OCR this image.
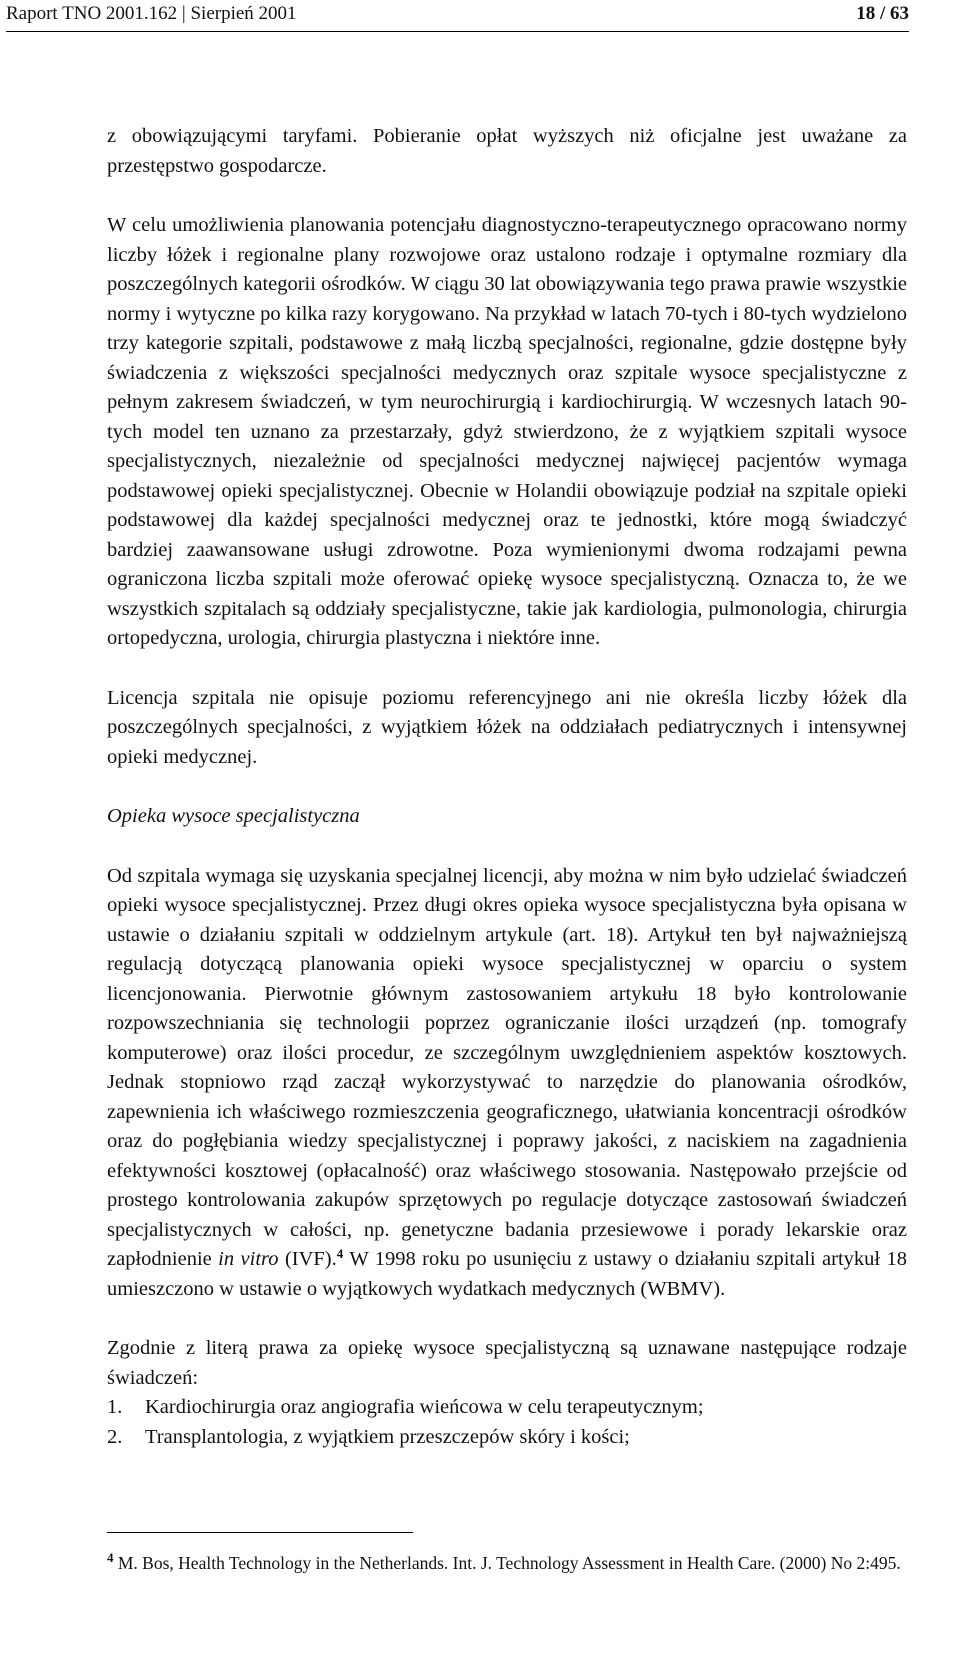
Raport TNO 2001.162 | Sierpień 2001	18 / 63

z obowiązującymi taryfami. Pobieranie opłat wyższych niż oficjalne jest uważane za przestępstwo gospodarcze.

W celu umożliwienia planowania potencjału diagnostyczno-terapeutycznego opracowano normy liczby łóżek i regionalne plany rozwojowe oraz ustalono rodzaje i optymalne rozmiary dla poszczególnych kategorii ośrodków. W ciągu 30 lat obowiązywania tego prawa prawie wszystkie normy i wytyczne po kilka razy korygowano. Na przykład w latach 70-tych i 80-tych wydzielono trzy kategorie szpitali, podstawowe z małą liczbą specjalności, regionalne, gdzie dostępne były świadczenia z większości specjalności medycznych oraz szpitale wysoce specjalistyczne z pełnym zakresem świadczeń, w tym neurochirurgią i kardiochirurgią. W wczesnych latach 90-tych model ten uznano za przestarzały, gdyż stwierdzono, że z wyjątkiem szpitali wysoce specjalistycznych, niezależnie od specjalności medycznej najwięcej pacjentów wymaga podstawowej opieki specjalistycznej. Obecnie w Holandii obowiązuje podział na szpitale opieki podstawowej dla każdej specjalności medycznej oraz te jednostki, które mogą świadczyć bardziej zaawansowane usługi zdrowotne. Poza wymienionymi dwoma rodzajami pewna ograniczona liczba szpitali może oferować opiekę wysoce specjalistyczną. Oznacza to, że we wszystkich szpitalach są oddziały specjalistyczne, takie jak kardiologia, pulmonologia, chirurgia ortopedyczna, urologia, chirurgia plastyczna i niektóre inne.

Licencja szpitala nie opisuje poziomu referencyjnego ani nie określa liczby łóżek dla poszczególnych specjalności, z wyjątkiem łóżek na oddziałach pediatrycznych i intensywnej opieki medycznej.

Opieka wysoce specjalistyczna

Od szpitala wymaga się uzyskania specjalnej licencji, aby można w nim było udzielać świadczeń opieki wysoce specjalistycznej. Przez długi okres opieka wysoce specjalistyczna była opisana w ustawie o działaniu szpitali w oddzielnym artykule (art. 18). Artykuł ten był najważniejszą regulacją dotyczącą planowania opieki wysoce specjalistycznej w oparciu o system licencjonowania. Pierwotnie głównym zastosowaniem artykułu 18 było kontrolowanie rozpowszechniania się technologii poprzez ograniczanie ilości urządzeń (np. tomografy komputerowe) oraz ilości procedur, ze szczególnym uwzględnieniem aspektów kosztowych. Jednak stopniowo rząd zaczął wykorzystywać to narzędzie do planowania ośrodków, zapewnienia ich właściwego rozmieszczenia geograficznego, ułatwiania koncentracji ośrodków oraz do pogłębiania wiedzy specjalistycznej i poprawy jakości, z naciskiem na zagadnienia efektywności kosztowej (opłacalność) oraz właściwego stosowania. Następowało przejście od prostego kontrolowania zakupów sprzętowych po regulacje dotyczące zastosowań świadczeń specjalistycznych w całości, np. genetyczne badania przesiewowe i porady lekarskie oraz zapłodnienie in vitro (IVF).$^4$ W 1998 roku po usunięciu z ustawy o działaniu szpitali artykuł 18 umieszczono w ustawie o wyjątkowych wydatkach medycznych (WBMV).

Zgodnie z literą prawa za opiekę wysoce specjalistyczną są uznawane następujące rodzaje świadczeń:

1.	Kardiochirurgia oraz angiografia wieńcowa w celu terapeutycznym;
2.	Transplantologia, z wyjątkiem przeszczepów skóry i kości;
$^4$ M. Bos, Health Technology in the Netherlands. Int. J. Technology Assessment in Health Care. (2000) No 2:495.
